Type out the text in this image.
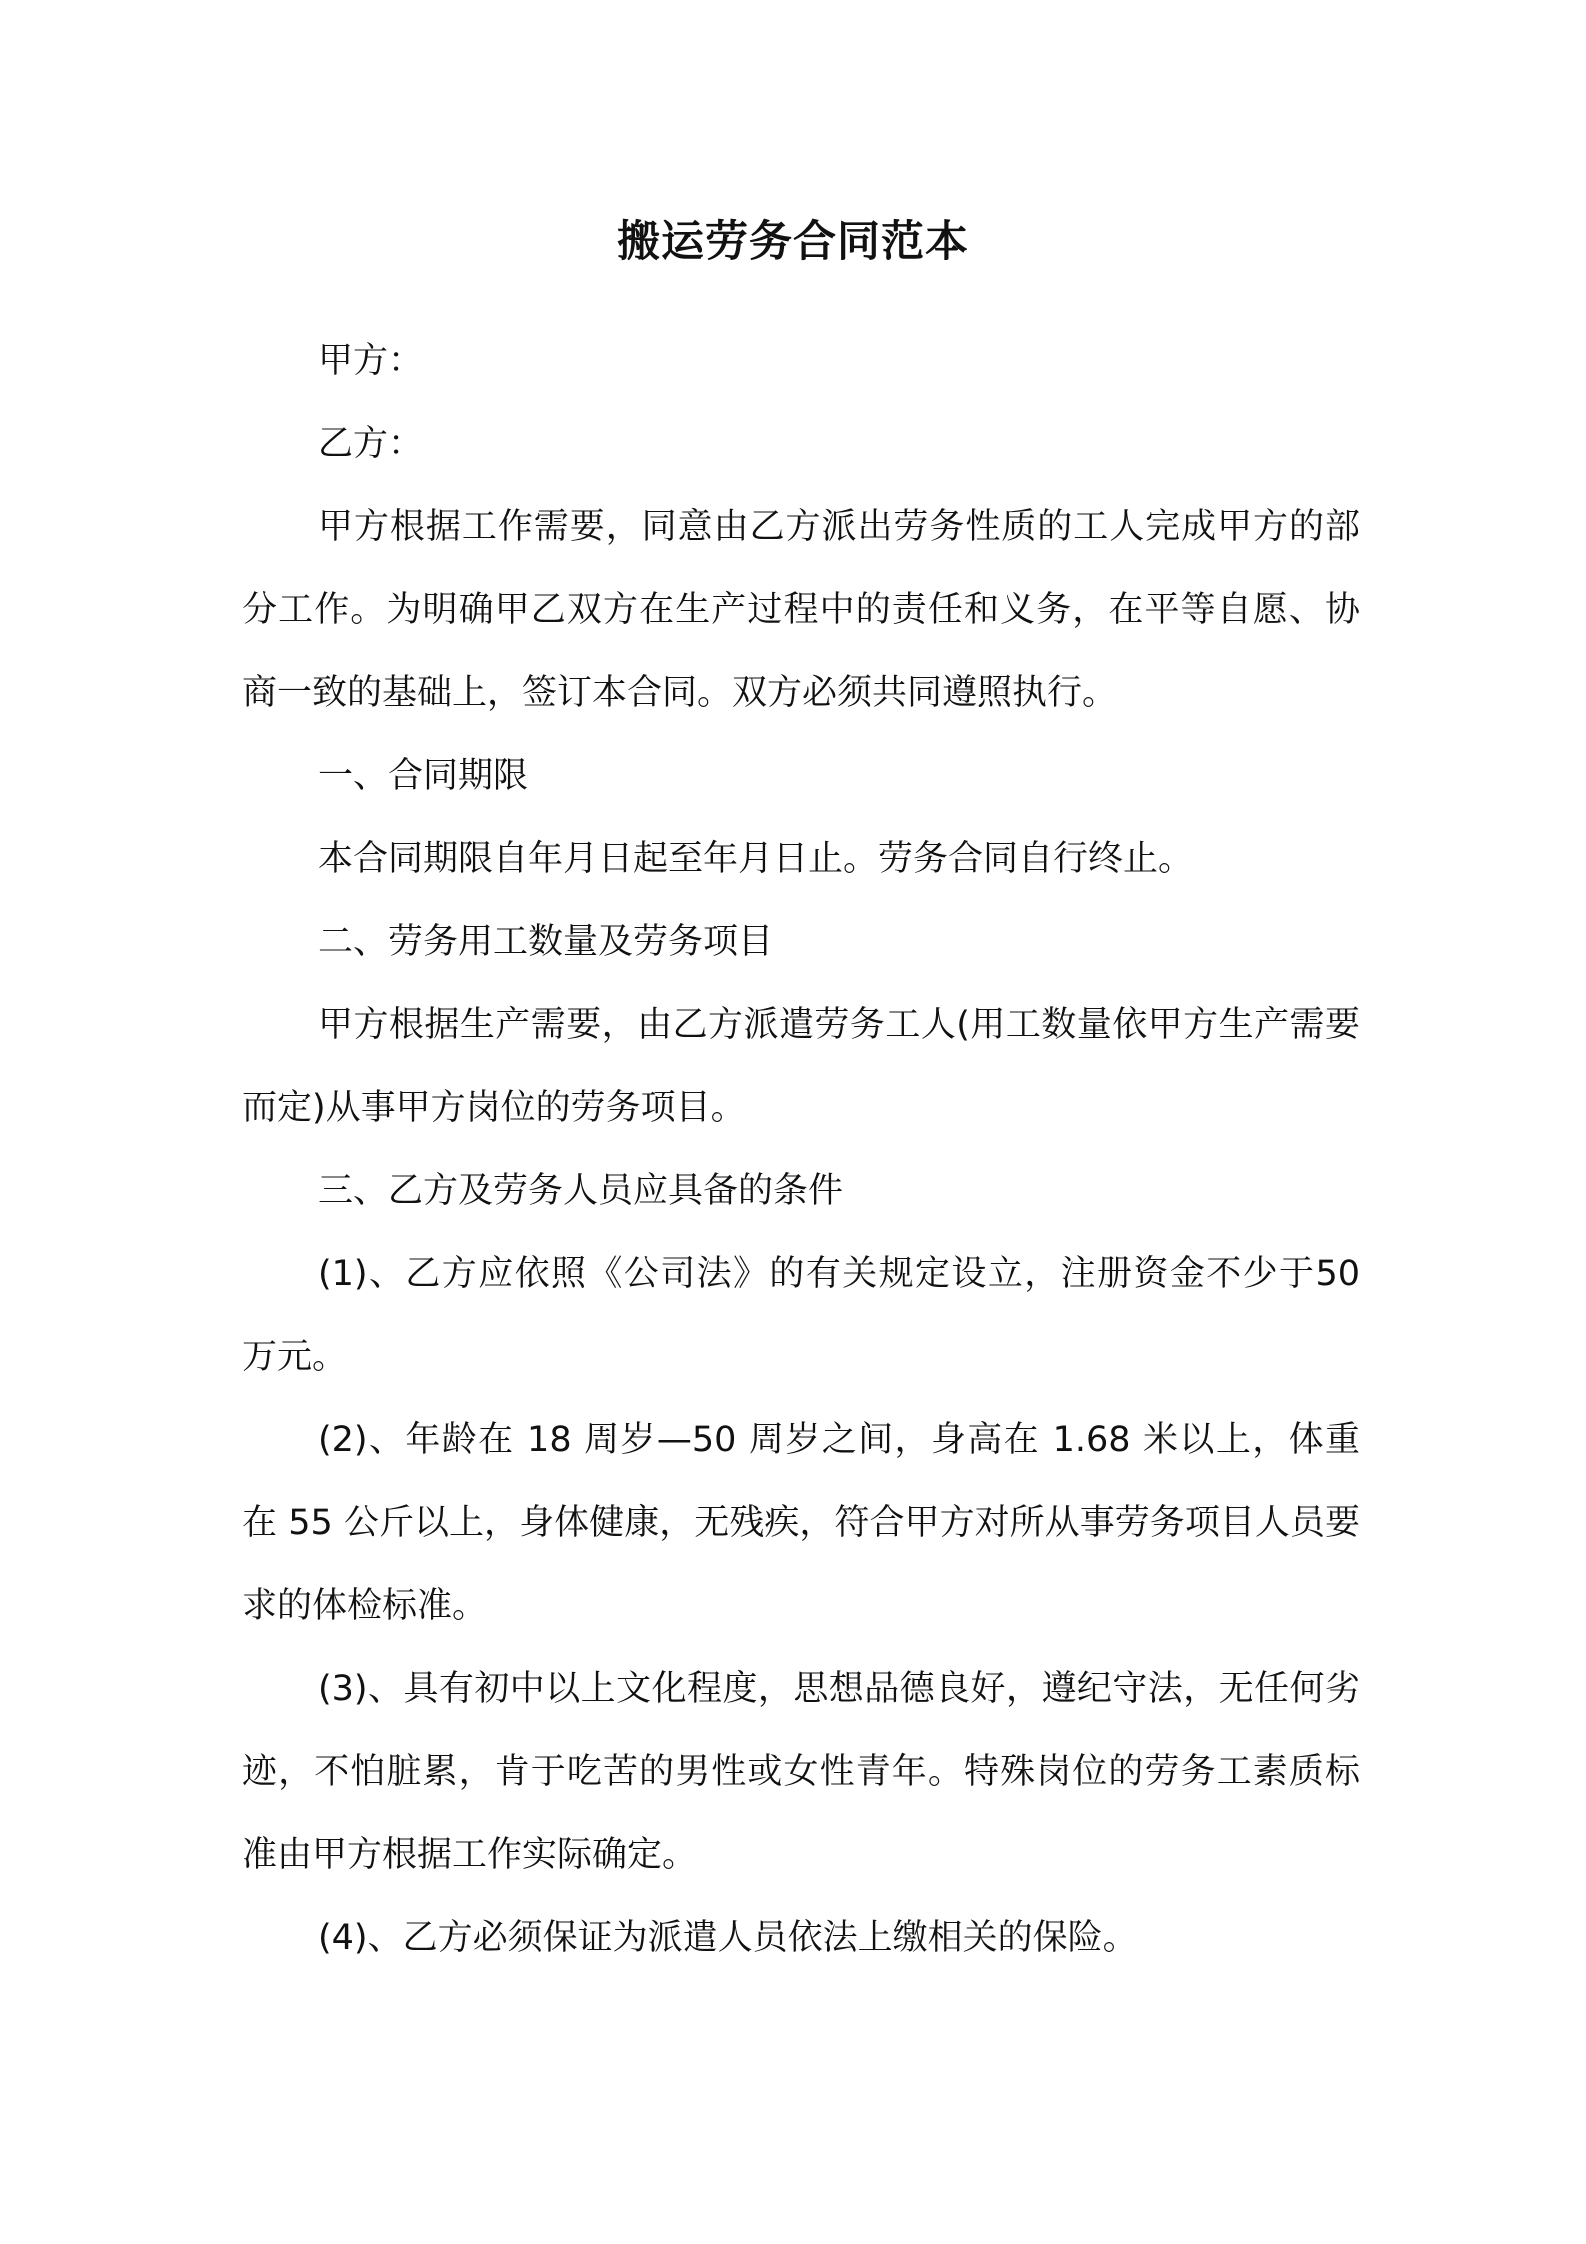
搬运劳务合同范本

甲方：

乙方：

甲方根据工作需要，同意由乙方派出劳务性质的工人完成甲方的部分工作。为明确甲乙双方在生产过程中的责任和义务，在平等自愿、协商一致的基础上，签订本合同。双方必须共同遵照执行。

一、合同期限

本合同期限自年月日起至年月日止。劳务合同自行终止。

二、劳务用工数量及劳务项目

甲方根据生产需要，由乙方派遣劳务工人(用工数量依甲方生产需要而定)从事甲方岗位的劳务项目。

三、乙方及劳务人员应具备的条件

(1)、乙方应依照《公司法》的有关规定设立，注册资金不少于50 万元。

(2)、年龄在 18 周岁—50 周岁之间，身高在 1.68 米以上，体重在 55 公斤以上，身体健康，无残疾，符合甲方对所从事劳务项目人员要求的体检标准。

(3)、具有初中以上文化程度，思想品德良好，遵纪守法，无任何劣迹，不怕脏累，肯于吃苦的男性或女性青年。特殊岗位的劳务工素质标准由甲方根据工作实际确定。

(4)、乙方必须保证为派遣人员依法上缴相关的保险。
